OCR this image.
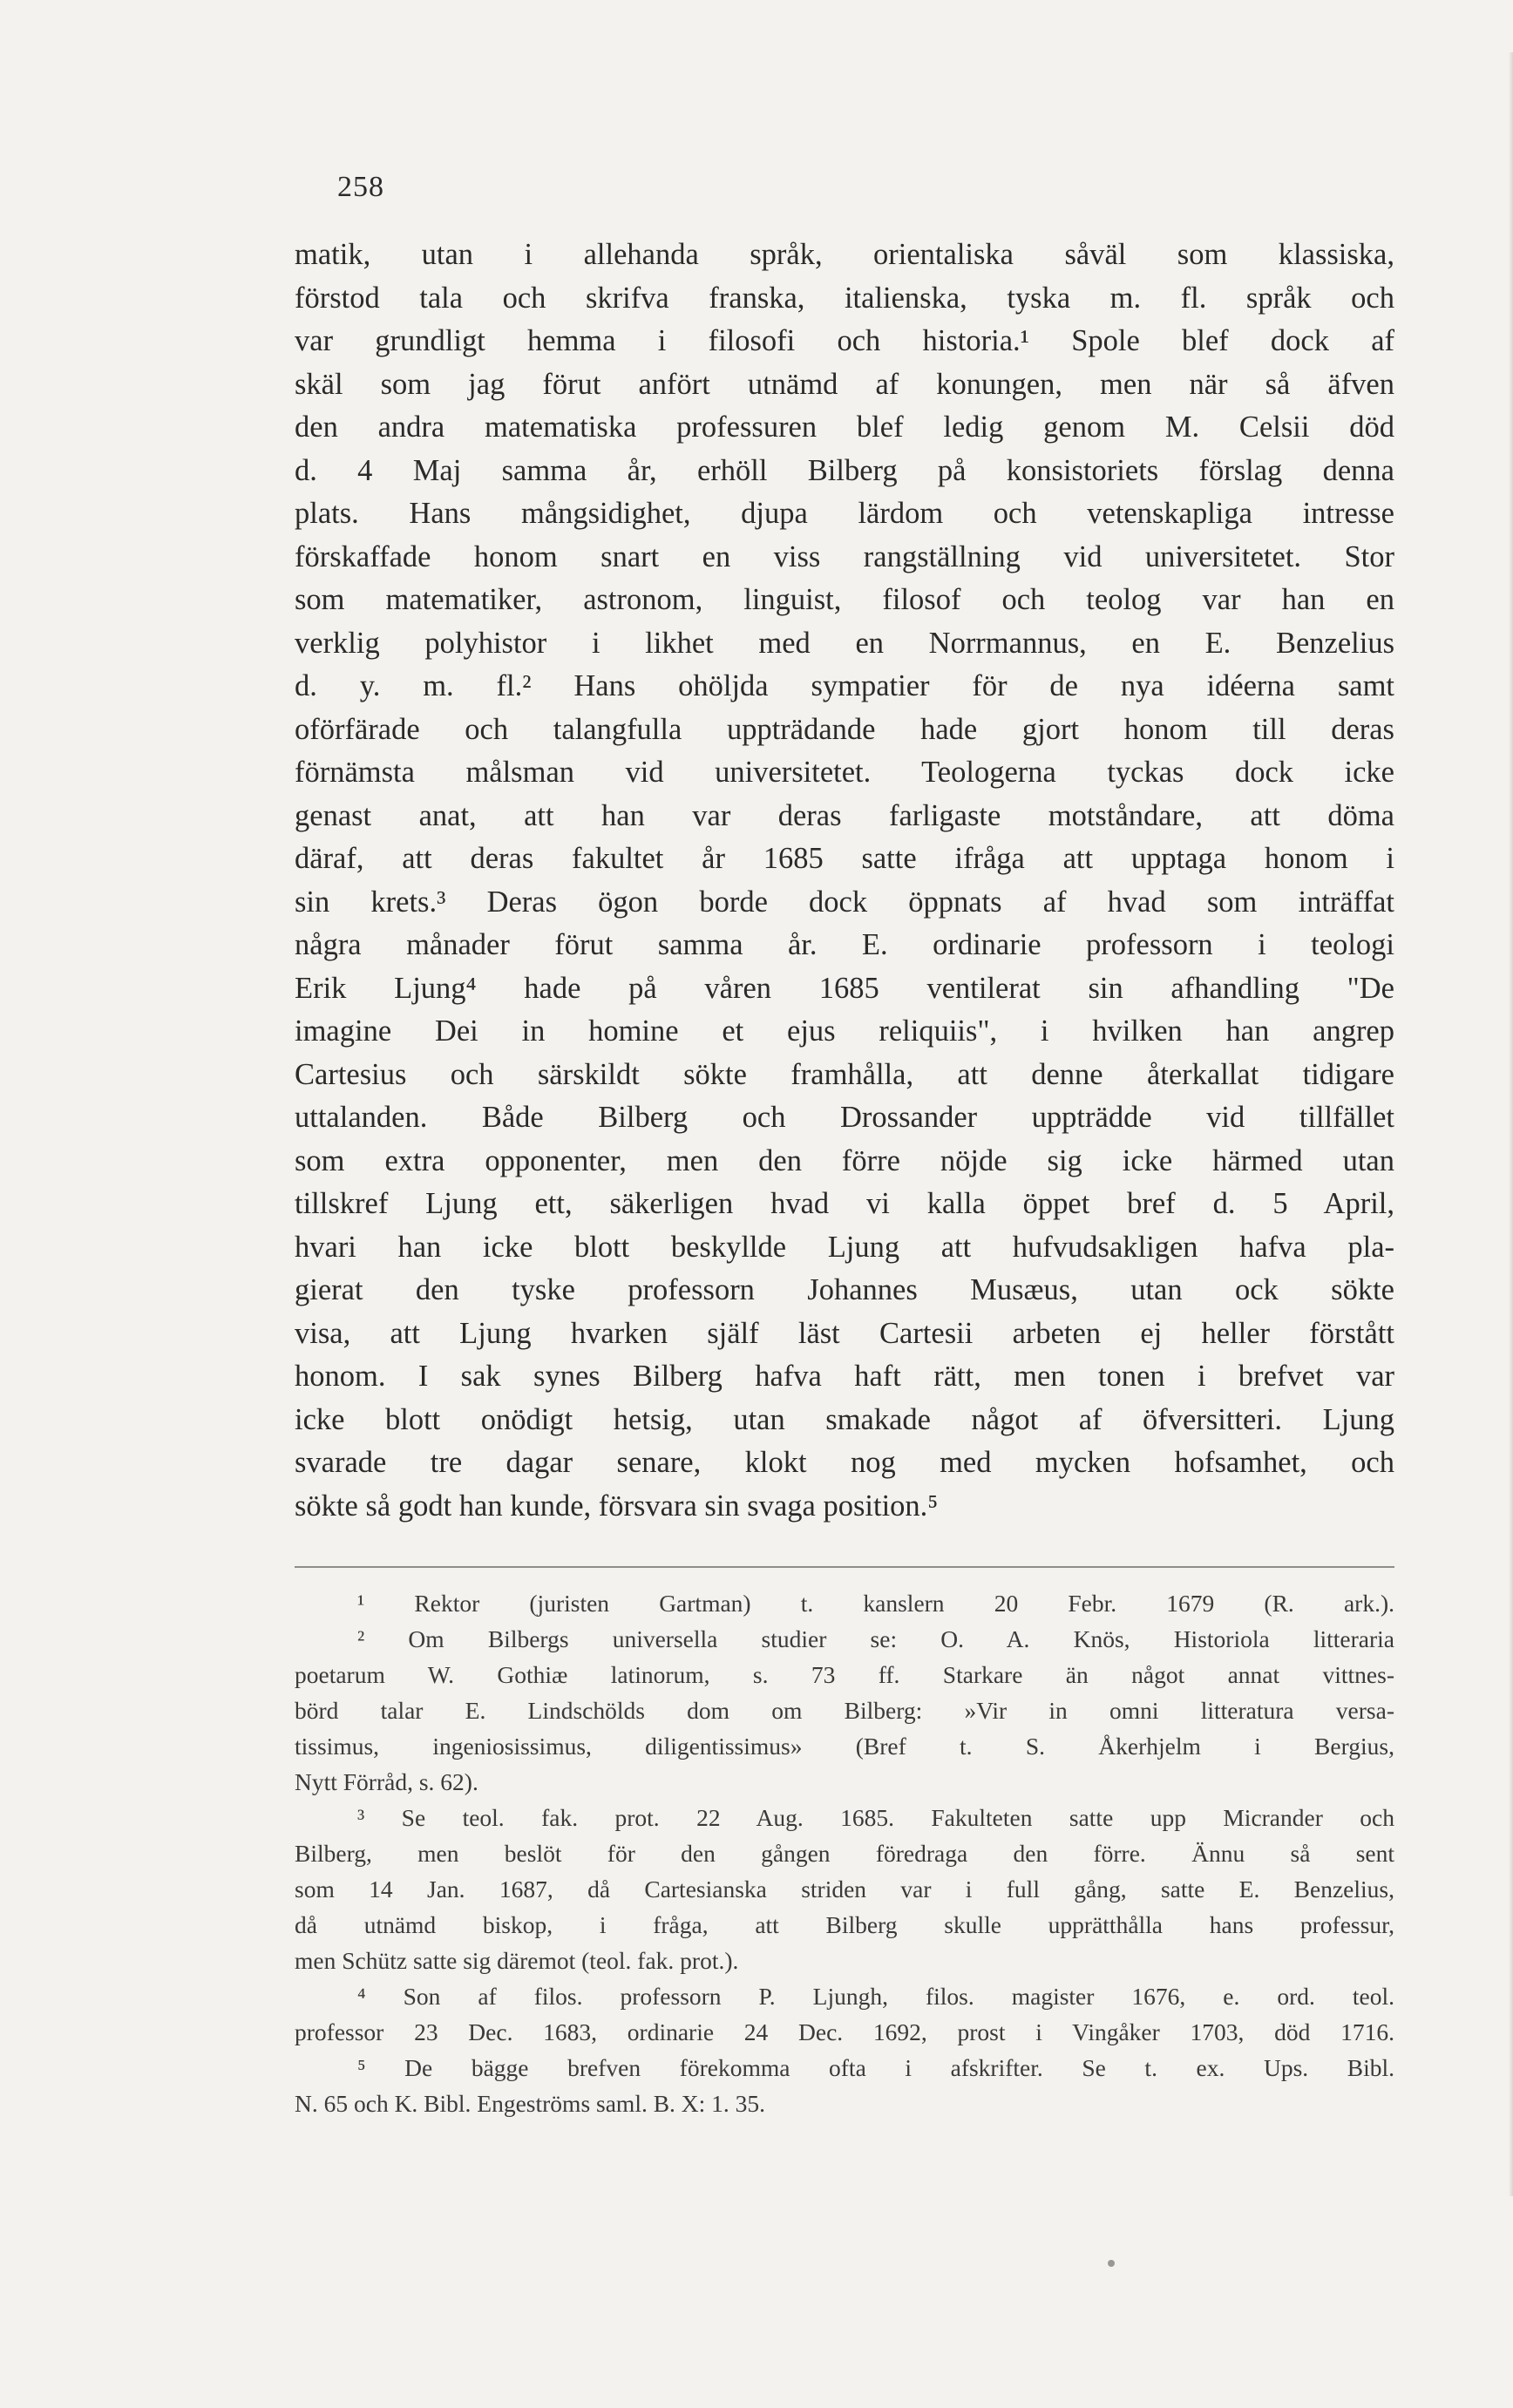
258
matik, utan i allehanda språk, orientaliska såväl som klassiska,
förstod tala och skrifva franska, italienska, tyska m. fl. språk och
var grundligt hemma i filosofi och historia.¹ Spole blef dock af
skäl som jag förut anfört utnämd af konungen, men när så äfven
den andra matematiska professuren blef ledig genom M. Celsii död
d. 4 Maj samma år, erhöll Bilberg på konsistoriets förslag denna
plats. Hans mångsidighet, djupa lärdom och vetenskapliga intresse
förskaffade honom snart en viss rangställning vid universitetet. Stor
som matematiker, astronom, linguist, filosof och teolog var han en
verklig polyhistor i likhet med en Norrmannus, en E. Benzelius
d. y. m. fl.² Hans ohöljda sympatier för de nya idéerna samt
oförfärade och talangfulla uppträdande hade gjort honom till deras
förnämsta målsman vid universitetet. Teologerna tyckas dock icke
genast anat, att han var deras farligaste motståndare, att döma
däraf, att deras fakultet år 1685 satte ifråga att upptaga honom i
sin krets.³ Deras ögon borde dock öppnats af hvad som inträffat
några månader förut samma år. E. ordinarie professorn i teologi
Erik Ljung⁴ hade på våren 1685 ventilerat sin afhandling "De
imagine Dei in homine et ejus reliquiis", i hvilken han angrep
Cartesius och särskildt sökte framhålla, att denne återkallat tidigare
uttalanden. Både Bilberg och Drossander uppträdde vid tillfället
som extra opponenter, men den förre nöjde sig icke härmed utan
tillskref Ljung ett, säkerligen hvad vi kalla öppet bref d. 5 April,
hvari han icke blott beskyllde Ljung att hufvudsakligen hafva pla-
gierat den tyske professorn Johannes Musæus, utan ock sökte
visa, att Ljung hvarken själf läst Cartesii arbeten ej heller förstått
honom. I sak synes Bilberg hafva haft rätt, men tonen i brefvet var
icke blott onödigt hetsig, utan smakade något af öfversitteri. Ljung
svarade tre dagar senare, klokt nog med mycken hofsamhet, och
sökte så godt han kunde, försvara sin svaga position.⁵
¹ Rektor (juristen Gartman) t. kanslern 20 Febr. 1679 (R. ark.).
² Om Bilbergs universella studier se: O. A. Knös, Historiola litteraria
poetarum W. Gothiæ latinorum, s. 73 ff. Starkare än något annat vittnes-
börd talar E. Lindschölds dom om Bilberg: »Vir in omni litteratura versa-
tissimus, ingeniosissimus, diligentissimus» (Bref t. S. Åkerhjelm i Bergius,
Nytt Förråd, s. 62).
³ Se teol. fak. prot. 22 Aug. 1685. Fakulteten satte upp Micrander och
Bilberg, men beslöt för den gången föredraga den förre. Ännu så sent
som 14 Jan. 1687, då Cartesianska striden var i full gång, satte E. Benzelius,
då utnämd biskop, i fråga, att Bilberg skulle upprätthålla hans professur,
men Schütz satte sig däremot (teol. fak. prot.).
⁴ Son af filos. professorn P. Ljungh, filos. magister 1676, e. ord. teol.
professor 23 Dec. 1683, ordinarie 24 Dec. 1692, prost i Vingåker 1703, död 1716.
⁵ De bägge brefven förekomma ofta i afskrifter. Se t. ex. Ups. Bibl.
N. 65 och K. Bibl. Engeströms saml. B. X: 1. 35.
